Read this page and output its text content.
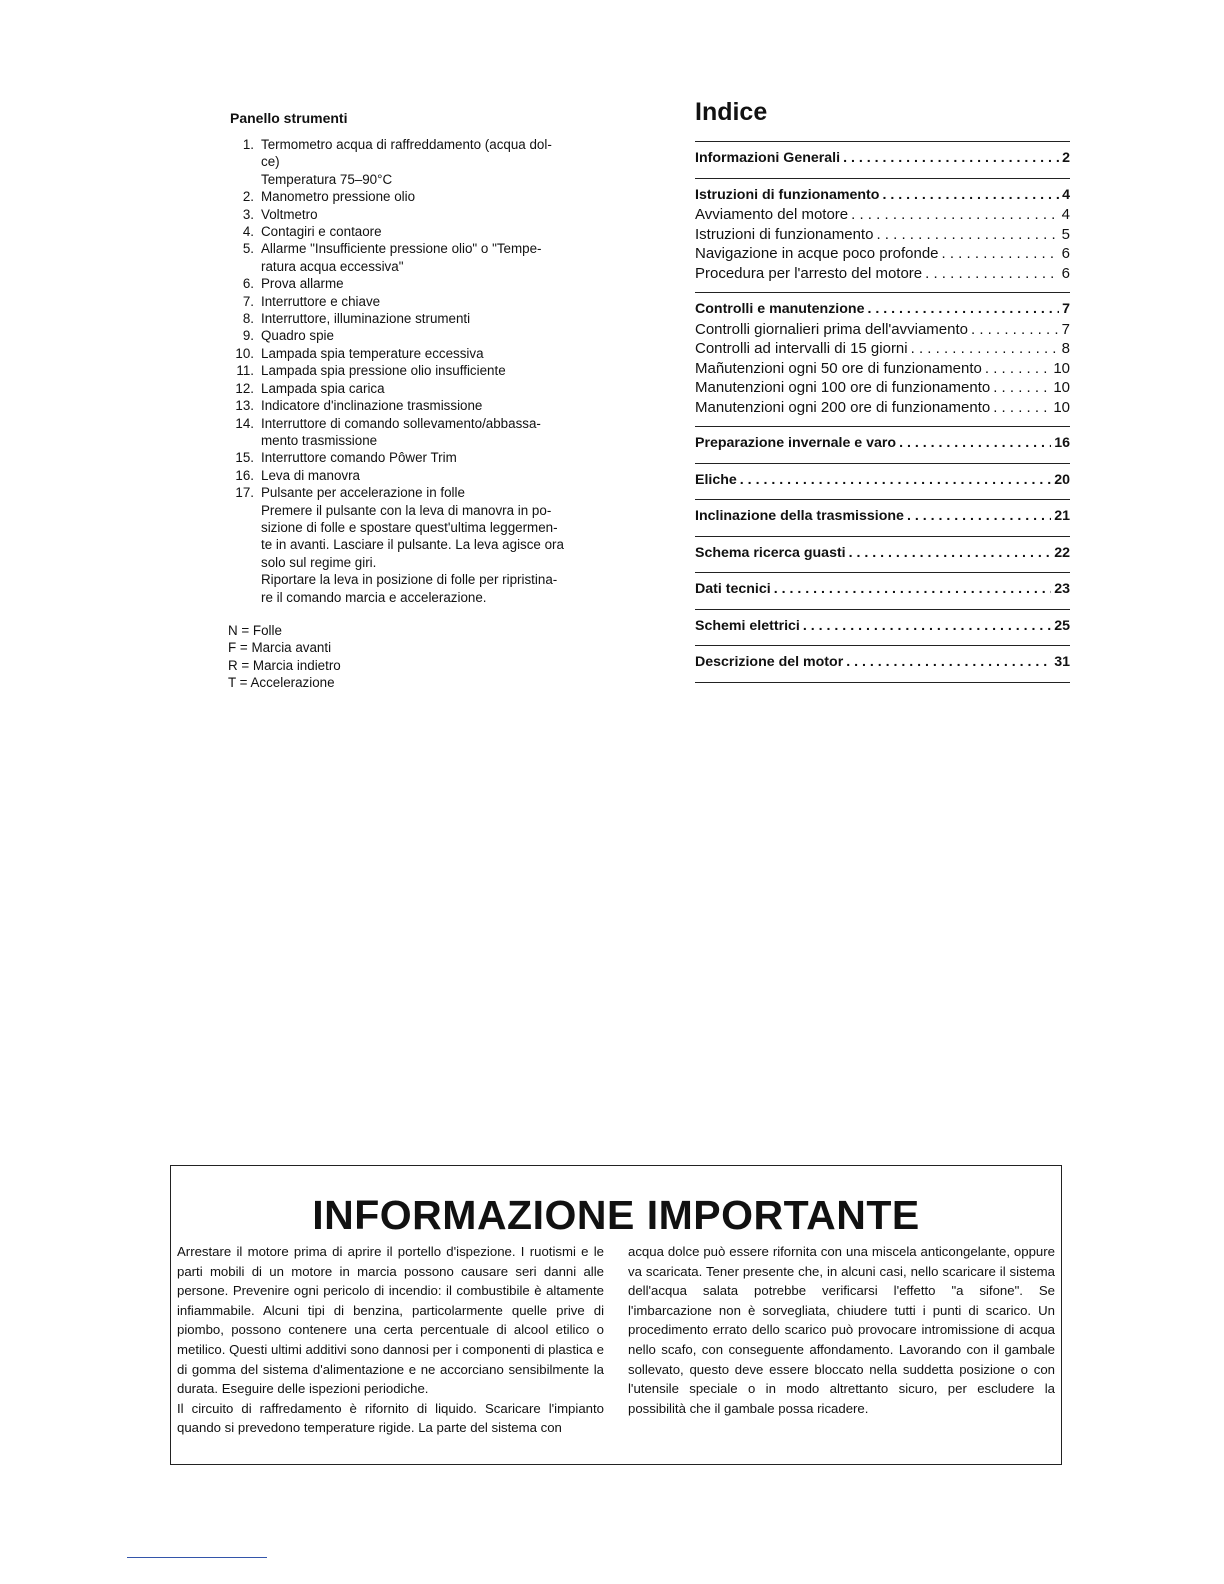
Panello strumenti
1. Termometro acqua di raffreddamento (acqua dol-
ce)
Temperatura 75–90°C
2. Manometro pressione olio
3. Voltmetro
4. Contagiri e contaore
5. Allarme "Insufficiente pressione olio" o "Tempe-
ratura acqua eccessiva"
6. Prova allarme
7. Interruttore e chiave
8. Interruttore, illuminazione strumenti
9. Quadro spie
10. Lampada spia temperature eccessiva
11. Lampada spia pressione olio insufficiente
12. Lampada spia carica
13. Indicatore d'inclinazione trasmissione
14. Interruttore di comando sollevamento/abbassa-
mento trasmissione
15. Interruttore comando Pôwer Trim
16. Leva di manovra
17. Pulsante per accelerazione in folle
Premere il pulsante con la leva di manovra in po-
sizione di folle e spostare quest'ultima leggermen-
te in avanti. Lasciare il pulsante. La leva agisce ora
solo sul regime giri.
Riportare la leva in posizione di folle per ripristina-
re il comando marcia e accelerazione.
N = Folle
F = Marcia avanti
R = Marcia indietro
T = Accelerazione
Indice
Informazioni Generali . . .	2
Istruzioni di funzionamento . . .	4
Avviamento del motore . . .	4
Istruzioni di funzionamento . . .	5
Navigazione in acque poco profonde . . .	6
Procedura per l'arresto del motore . . .	6
Controlli e manutenzione . . .	7
Controlli giornalieri prima dell'avviamento . . .	7
Controlli ad intervalli di 15 giorni . . .	8
Mañutenzioni ogni 50 ore di funzionamento . . .	10
Manutenzioni ogni 100 ore di funzionamento . . .	10
Manutenzioni ogni 200 ore di funzionamento . . .	10
Preparazione invernale e varo . . .	16
Eliche . . .	20
Inclinazione della trasmissione . . .	21
Schema ricerca guasti . . .	22
Dati tecnici . . .	23
Schemi elettrici . . .	25
Descrizione del motor . . .	31
INFORMAZIONE IMPORTANTE

Arrestare il motore prima di aprire il portello d'ispezione. I ruotismi e le parti mobili di un motore in marcia possono causare seri danni alle persone. Prevenire ogni pericolo di incendio: il combustibile è altamente infiammabile. Alcuni tipi di benzina, particolarmente quelle prive di piombo, possono contenere una certa percentuale di alcool etilico o metilico. Questi ultimi additivi sono dannosi per i componenti di plastica e di gomma del sistema d'alimentazione e ne accorciano sensibilmente la durata. Eseguire delle ispezioni periodiche.

Il circuito di raffredamento è rifornito di liquido. Scaricare l'impianto quando si prevedono temperature rigide. La parte del sistema con

acqua dolce può essere rifornita con una miscela anticongelante, oppure va scaricata. Tener presente che, in alcuni casi, nello scaricare il sistema dell'acqua salata potrebbe verificarsi l'effetto "a sifone". Se l'imbarcazione non è sorvegliata, chiudere tutti i punti di scarico. Un procedimento errato dello scarico può provocare intromissione di acqua nello scafo, con conseguente affondamento. Lavorando con il gambale sollevato, questo deve essere bloccato nella suddetta posizione o con l'utensile speciale o in modo altrettanto sicuro, per escludere la possibilità che il gambale possa ricadere.
